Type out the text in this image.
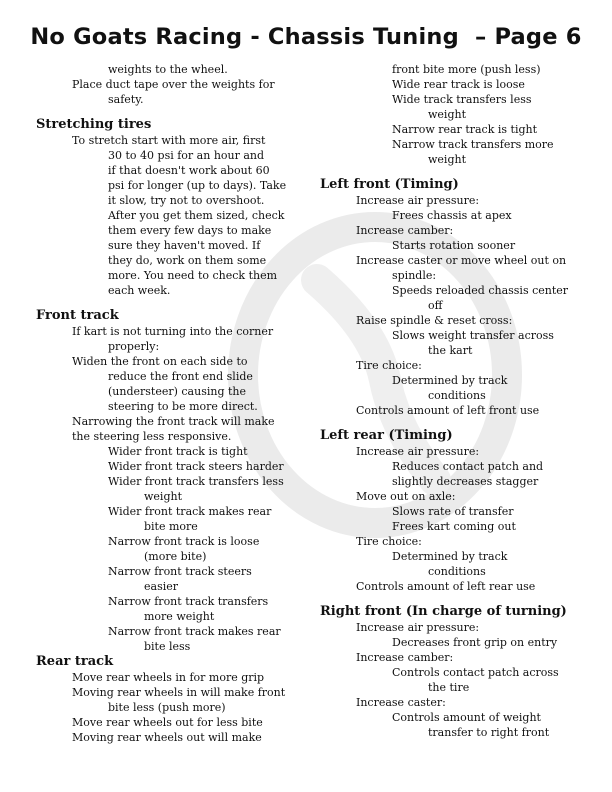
No Goats Racing - Chassis Tuning  – Page 6
weights to the wheel.
Place duct tape over the weights for
safety.
Stretching tires
To stretch start with more air, first
30 to 40 psi for an hour and
if that doesn't work about 60
psi for longer (up to days). Take
it slow, try not to overshoot.
After you get them sized, check
them every few days to make
sure they haven't moved. If
they do, work on them some
more. You need to check them
each week.
Front track
If kart is not turning into the corner
properly:
Widen the front on each side to
reduce the front end slide
(understeer) causing the
steering to be more direct.
Narrowing the front track will make
the steering less responsive.
Wider front track is tight
Wider front track steers harder
Wider front track transfers less
weight
Wider front track makes rear
bite more
Narrow front track is loose
(more bite)
Narrow front track steers
easier
Narrow front track transfers
more weight
Narrow front track makes rear
bite less
Rear track
Move rear wheels in for more grip
Moving rear wheels in will make front
bite less (push more)
Move rear wheels out for less bite
Moving rear wheels out will make
front bite more (push less)
Wide rear track is loose
Wide track transfers less
weight
Narrow rear track is tight
Narrow track transfers more
weight
Left front (Timing)
Increase air pressure:
Frees chassis at apex
Increase camber:
Starts rotation sooner
Increase caster or move wheel out on
spindle:
Speeds reloaded chassis center
off
Raise spindle & reset cross:
Slows weight transfer across
the kart
Tire choice:
Determined by track
conditions
Controls amount of left front use
Left rear (Timing)
Increase air pressure:
Reduces contact patch and
slightly decreases stagger
Move out on axle:
Slows rate of transfer
Frees kart coming out
Tire choice:
Determined by track
conditions
Controls amount of left rear use
Right front (In charge of turning)
Increase air pressure:
Decreases front grip on entry
Increase camber:
Controls contact patch across
the tire
Increase caster:
Controls amount of weight
transfer to right front
